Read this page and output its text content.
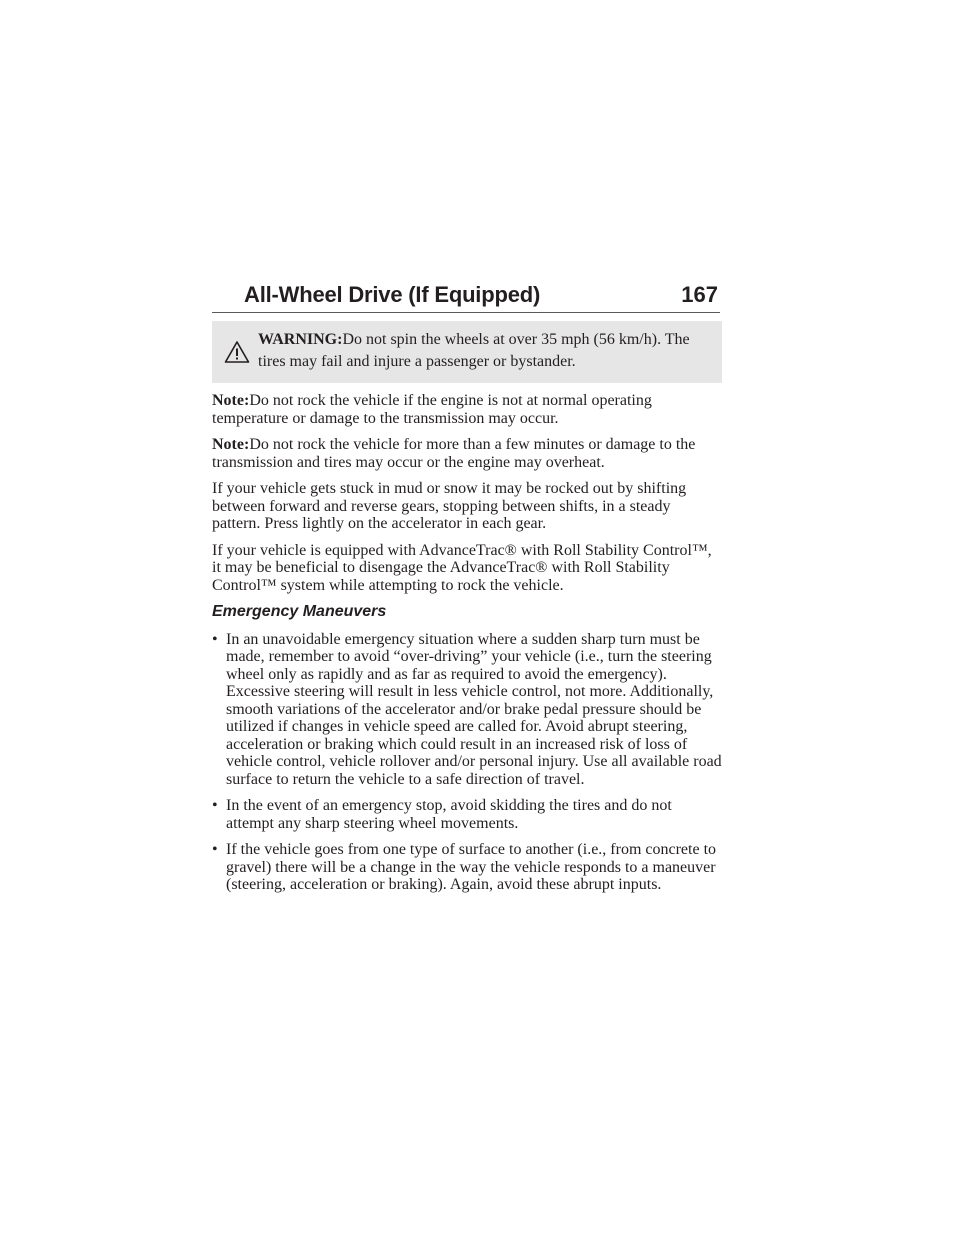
All-Wheel Drive (If Equipped)	167
WARNING:Do not spin the wheels at over 35 mph (56 km/h). The tires may fail and injure a passenger or bystander.

Note:Do not rock the vehicle if the engine is not at normal operating temperature or damage to the transmission may occur.

Note:Do not rock the vehicle for more than a few minutes or damage to the transmission and tires may occur or the engine may overheat.

If your vehicle gets stuck in mud or snow it may be rocked out by shifting between forward and reverse gears, stopping between shifts, in a steady pattern. Press lightly on the accelerator in each gear.

If your vehicle is equipped with AdvanceTrac® with Roll Stability Control™, it may be beneficial to disengage the AdvanceTrac® with Roll Stability Control™ system while attempting to rock the vehicle.

Emergency Maneuvers
• In an unavoidable emergency situation where a sudden sharp turn must be made, remember to avoid “over-driving” your vehicle (i.e., turn the steering wheel only as rapidly and as far as required to avoid the emergency). Excessive steering will result in less vehicle control, not more. Additionally, smooth variations of the accelerator and/or brake pedal pressure should be utilized if changes in vehicle speed are called for. Avoid abrupt steering, acceleration or braking which could result in an increased risk of loss of vehicle control, vehicle rollover and/or personal injury. Use all available road surface to return the vehicle to a safe direction of travel.
• In the event of an emergency stop, avoid skidding the tires and do not attempt any sharp steering wheel movements.
• If the vehicle goes from one type of surface to another (i.e., from concrete to gravel) there will be a change in the way the vehicle responds to a maneuver (steering, acceleration or braking). Again, avoid these abrupt inputs.
